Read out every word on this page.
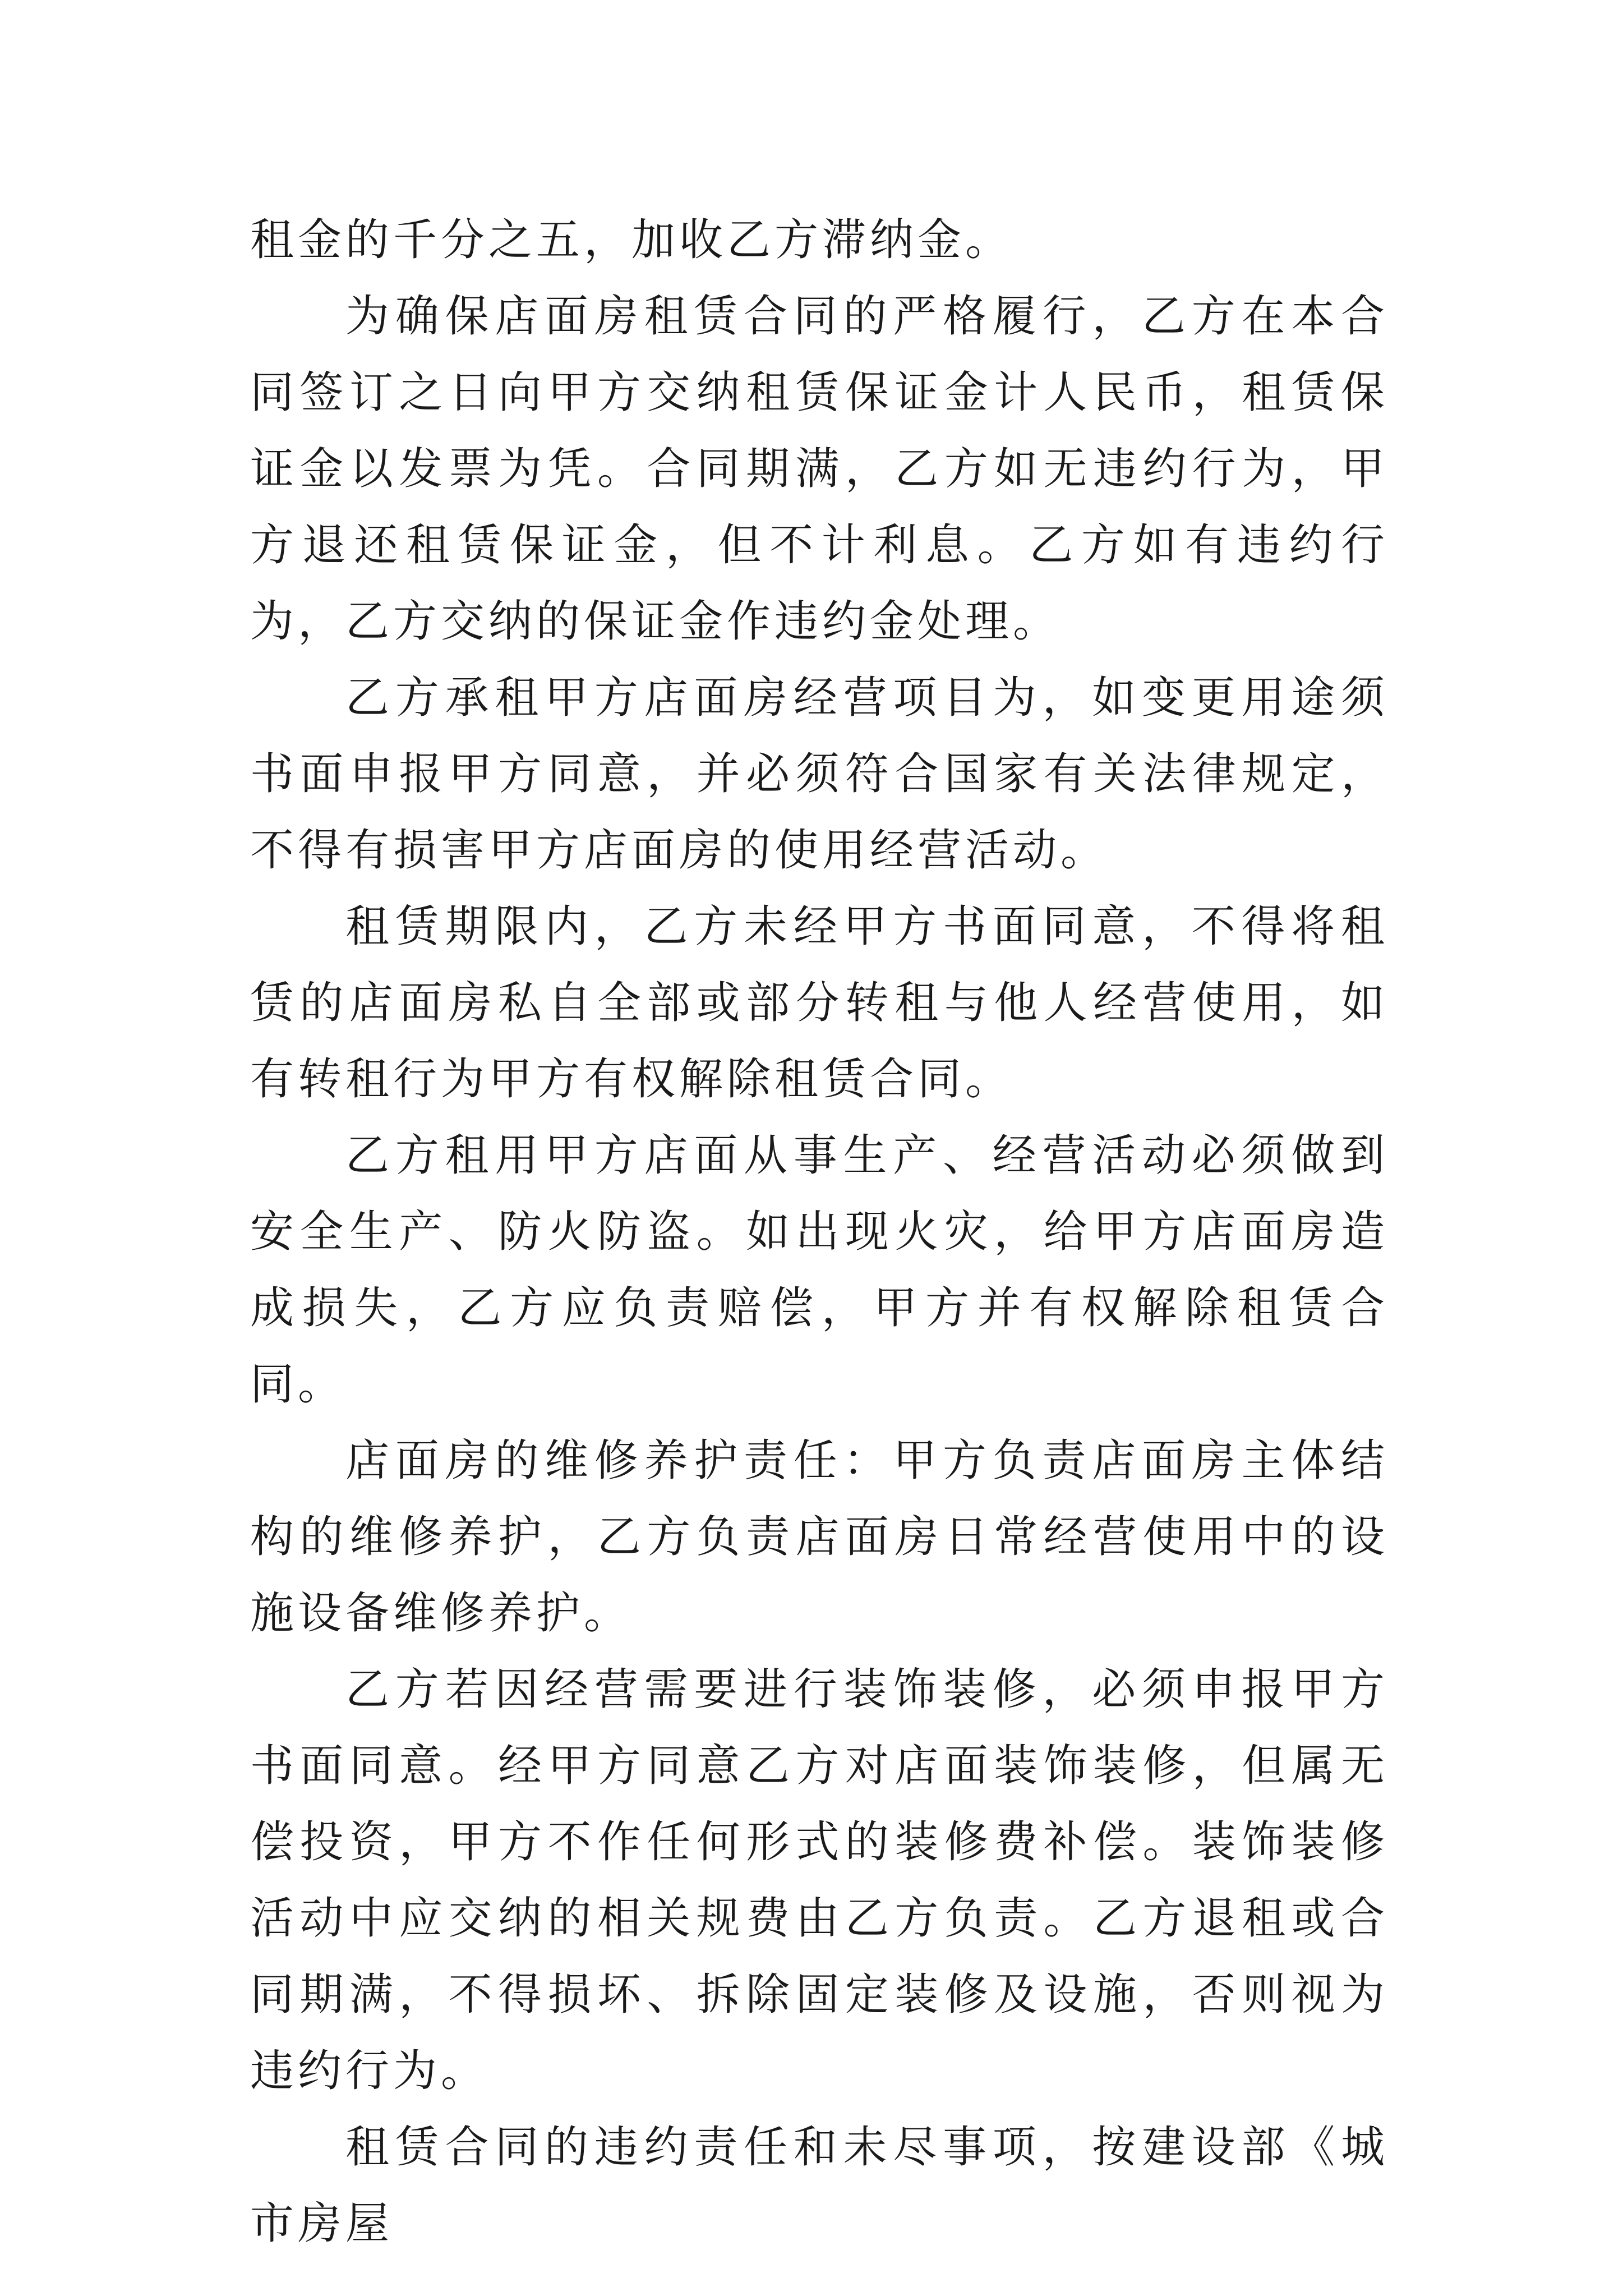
租金的千分之五，加收乙方滞纳金。

为确保店面房租赁合同的严格履行，乙方在本合同签订之日向甲方交纳租赁保证金计人民币，租赁保证金以发票为凭。合同期满，乙方如无违约行为，甲方退还租赁保证金，但不计利息。乙方如有违约行为，乙方交纳的保证金作违约金处理。

乙方承租甲方店面房经营项目为，如变更用途须书面申报甲方同意，并必须符合国家有关法律规定，不得有损害甲方店面房的使用经营活动。

租赁期限内，乙方未经甲方书面同意，不得将租赁的店面房私自全部或部分转租与他人经营使用，如有转租行为甲方有权解除租赁合同。

乙方租用甲方店面从事生产、经营活动必须做到安全生产、防火防盗。如出现火灾，给甲方店面房造成损失，乙方应负责赔偿，甲方并有权解除租赁合同。

店面房的维修养护责任：甲方负责店面房主体结构的维修养护，乙方负责店面房日常经营使用中的设施设备维修养护。

乙方若因经营需要进行装饰装修，必须申报甲方书面同意。经甲方同意乙方对店面装饰装修，但属无偿投资，甲方不作任何形式的装修费补偿。装饰装修活动中应交纳的相关规费由乙方负责。乙方退租或合同期满，不得损坏、拆除固定装修及设施，否则视为违约行为。

租赁合同的违约责任和未尽事项，按建设部《城市房屋
